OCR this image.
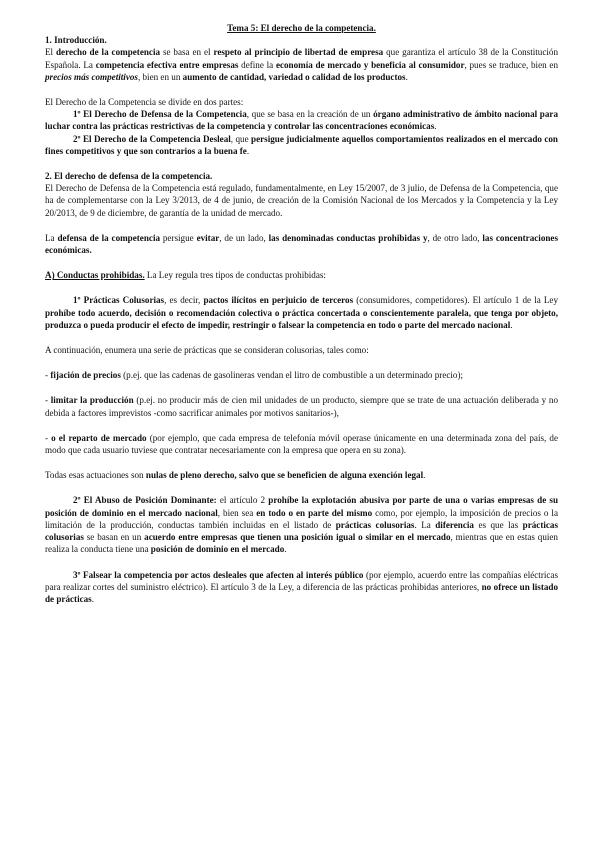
Tema 5: El derecho de la competencia.

1. Introducción.

El derecho de la competencia se basa en el respeto al principio de libertad de empresa que garantiza el artículo 38 de la Constitución Española. La competencia efectiva entre empresas define la economía de mercado y beneficia al consumidor, pues se traduce, bien en precios más competitivos, bien en un aumento de cantidad, variedad o calidad de los productos.

El Derecho de la Competencia se divide en dos partes:

1º El Derecho de Defensa de la Competencia, que se basa en la creación de un órgano administrativo de ámbito nacional para luchar contra las prácticas restrictivas de la competencia y controlar las concentraciones económicas.

2º El Derecho de la Competencia Desleal, que persigue judicialmente aquellos comportamientos realizados en el mercado con fines competitivos y que son contrarios a la buena fe.

2. El derecho de defensa de la competencia.

El Derecho de Defensa de la Competencia está regulado, fundamentalmente, en Ley 15/2007, de 3 julio, de Defensa de la Competencia, que ha de complementarse con la Ley 3/2013, de 4 de junio, de creación de la Comisión Nacional de los Mercados y la Competencia y la Ley 20/2013, de 9 de diciembre, de garantía de la unidad de mercado.

La defensa de la competencia persigue evitar, de un lado, las denominadas conductas prohibidas y, de otro lado, las concentraciones económicas.

A) Conductas prohibidas. La Ley regula tres tipos de conductas prohibidas:

1º Prácticas Colusorias, es decir, pactos ilícitos en perjuicio de terceros (consumidores, competidores). El artículo 1 de la Ley prohíbe todo acuerdo, decisión o recomendación colectiva o práctica concertada o conscientemente paralela, que tenga por objeto, produzca o pueda producir el efecto de impedir, restringir o falsear la competencia en todo o parte del mercado nacional.

A continuación, enumera una serie de prácticas que se consideran colusorias, tales como:

- fijación de precios (p.ej. que las cadenas de gasolineras vendan el litro de combustible a un determinado precio);

- limitar la producción (p.ej. no producir más de cien mil unidades de un producto, siempre que se trate de una actuación deliberada y no debida a factores imprevistos -como sacrificar animales por motivos sanitarios-),

- o el reparto de mercado (por ejemplo, que cada empresa de telefonía móvil operase únicamente en una determinada zona del país, de modo que cada usuario tuviese que contratar necesariamente con la empresa que opera en su zona).

Todas esas actuaciones son nulas de pleno derecho, salvo que se beneficien de alguna exención legal.

2º El Abuso de Posición Dominante: el artículo 2 prohíbe la explotación abusiva por parte de una o varias empresas de su posición de dominio en el mercado nacional, bien sea en todo o en parte del mismo como, por ejemplo, la imposición de precios o la limitación de la producción, conductas también incluidas en el listado de prácticas colusorias. La diferencia es que las prácticas colusorias se basan en un acuerdo entre empresas que tienen una posición igual o similar en el mercado, mientras que en estas quien realiza la conducta tiene una posición de dominio en el mercado.

3º Falsear la competencia por actos desleales que afecten al interés público (por ejemplo, acuerdo entre las compañías eléctricas para realizar cortes del suministro eléctrico). El artículo 3 de la Ley, a diferencia de las prácticas prohibidas anteriores, no ofrece un listado de prácticas.
